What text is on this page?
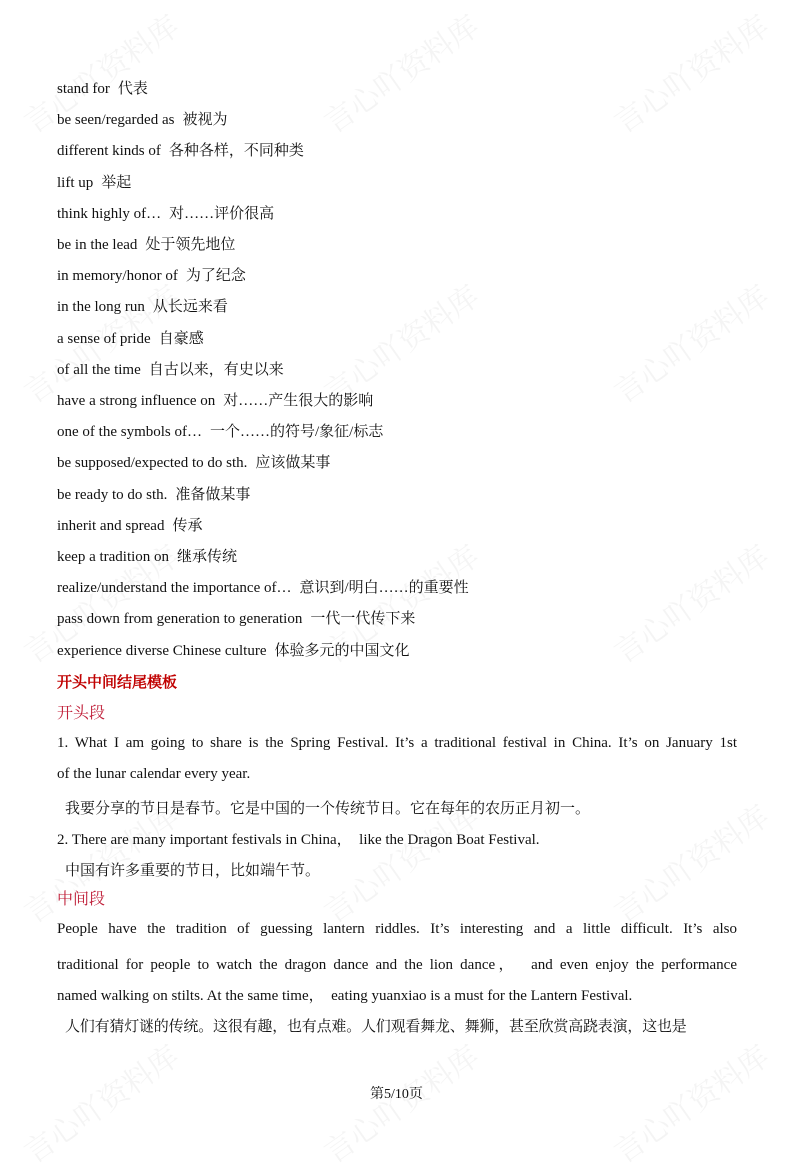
stand for 代表
be seen/regarded as 被视为
different kinds of 各种各样，不同种类
lift up 举起
think highly of… 对……评价很高
be in the lead 处于领先地位
in memory/honor of 为了纪念
in the long run 从长远来看
a sense of pride 自豪感
of all the time 自古以来，有史以来
have a strong influence on 对……产生很大的影响
one of the symbols of… 一个……的符号/象征/标志
be supposed/expected to do sth. 应该做某事
be ready to do sth. 准备做某事
inherit and spread 传承
keep a tradition on 继承传统
realize/understand the importance of… 意识到/明白……的重要性
pass down from generation to generation 一代一代传下来
experience diverse Chinese culture 体验多元的中国文化
开头中间结尾模板
开头段
1. What I am going to share is the Spring Festival. It’s a traditional festival in China. It’s on January 1st
of the lunar calendar every year.
我要分享的节日是春节。它是中国的一个传统节日。它在每年的农历正月初一。
2. There are many important festivals in China，  like the Dragon Boat Festival.
中国有许多重要的节日，比如端午节。
中间段
People have the tradition of guessing lantern riddles. It’s interesting and a little difficult. It’s also
traditional for people to watch the dragon dance and the lion dance，  and even enjoy the performance
named walking on stilts. At the same time，  eating yuanxiao is a must for the Lantern Festival.
人们有猜灯谜的传统。这很有趣，也有点难。人们观看舞龙、舞狮，甚至欣赏高跷表演，这也是
第5/10页
